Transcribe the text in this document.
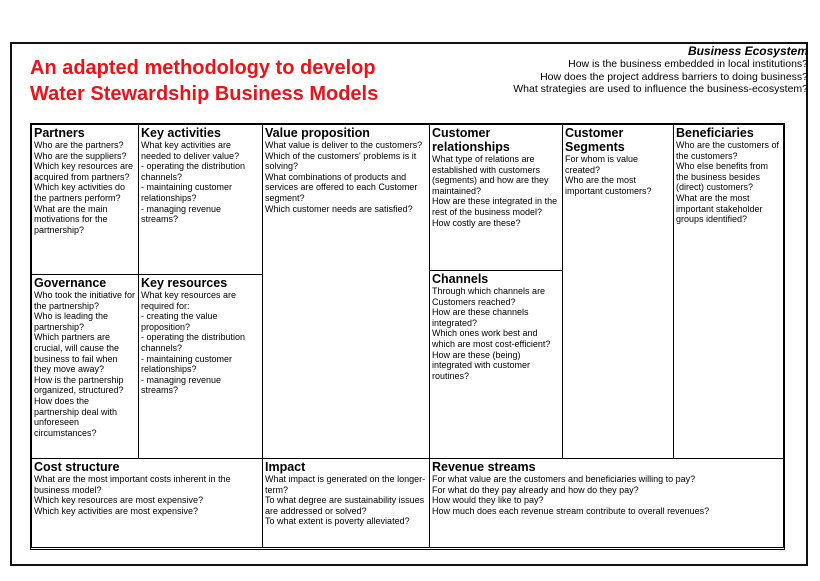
An adapted methodology to develop
Water Stewardship Business Models
Business Ecosystem
How is the business embedded in local institutions?
How does the project address barriers to doing business?
What strategies are used to influence the business-ecosystem?
Partners
Who are the partners?
Who are the suppliers?
Which key resources are acquired from partners?
Which key activities do the partners perform?
What are the main motivations for the partnership?
Key activities
What key activities are needed to deliver value?
- operating the distribution channels?
- maintaining customer relationships?
- managing revenue streams?
Governance
Who took the initiative for the partnership?
Who is leading the partnership?
Which partners are crucial, will cause the business to fail when they move away?
How is the partnership organized, structured?
How does the partnership deal with unforeseen circumstances?
Key resources
What key resources are required for:
- creating the value proposition?
- operating the distribution channels?
- maintaining customer relationships?
- managing revenue streams?
Value proposition
What value is deliver to the customers?
Which of the customers' problems is it solving?
What combinations of products and services are offered to each Customer segment?
Which customer needs are satisfied?
Customer relationships
What type of relations are established with customers (segments) and how are they maintained?
How are these integrated in the rest of the business model?
How costly are these?
Channels
Through which channels are Customers reached?
How are these channels integrated?
Which ones work best and which are most cost-efficient?
How are these (being) integrated with customer routines?
Customer Segments
For whom is value created?
Who are the most important customers?
Beneficiaries
Who are the customers of the customers?
Who else benefits from the business besides (direct) customers?
What are the most important stakeholder groups identified?
Cost structure
What are the most important costs inherent in the business model?
Which key resources are most expensive?
Which key activities are most expensive?
Impact
What impact is generated on the longer-term?
To what degree are sustainability issues are addressed or solved?
To what extent is poverty alleviated?
Revenue streams
For what value are the customers and beneficiaries willing to pay?
For what do they pay already and how do they pay?
How would they like to pay?
How much does each revenue stream contribute to overall revenues?
